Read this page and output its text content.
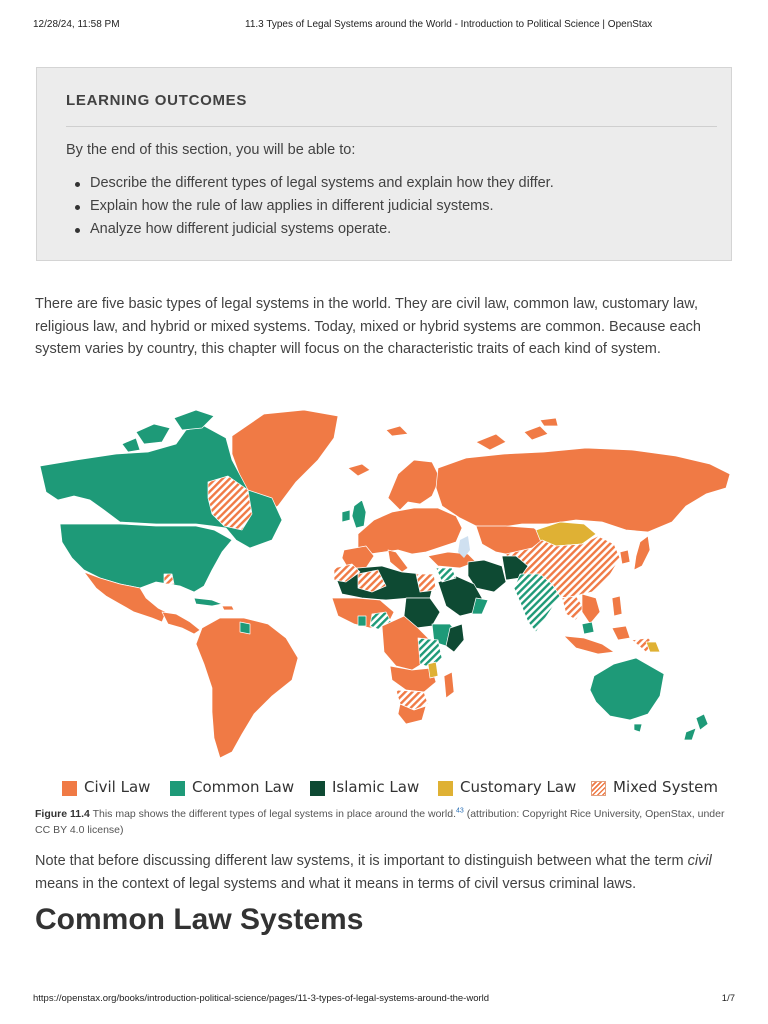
12/28/24, 11:58 PM	11.3 Types of Legal Systems around the World - Introduction to Political Science | OpenStax
LEARNING OUTCOMES
By the end of this section, you will be able to:
Describe the different types of legal systems and explain how they differ.
Explain how the rule of law applies in different judicial systems.
Analyze how different judicial systems operate.

There are five basic types of legal systems in the world. They are civil law, common law, customary law, religious law, and hybrid or mixed systems. Today, mixed or hybrid systems are common. Because each system varies by country, this chapter will focus on the characteristic traits of each kind of system.

Civil Law	Common Law	Islamic Law	Customary Law Mixed System

Figure 11.4 This map shows the different types of legal systems in place around the world.$^{43}$ (attribution: Copyright Rice University, OpenStax, under CC BY 4.0 license)

Note that before discussing different law systems, it is important to distinguish between what the term civil means in the context of legal systems and what it means in terms of civil versus criminal laws.

Common Law Systems
https://openstax.org/books/introduction-political-science/pages/11-3-types-of-legal-systems-around-the-world	1/7
